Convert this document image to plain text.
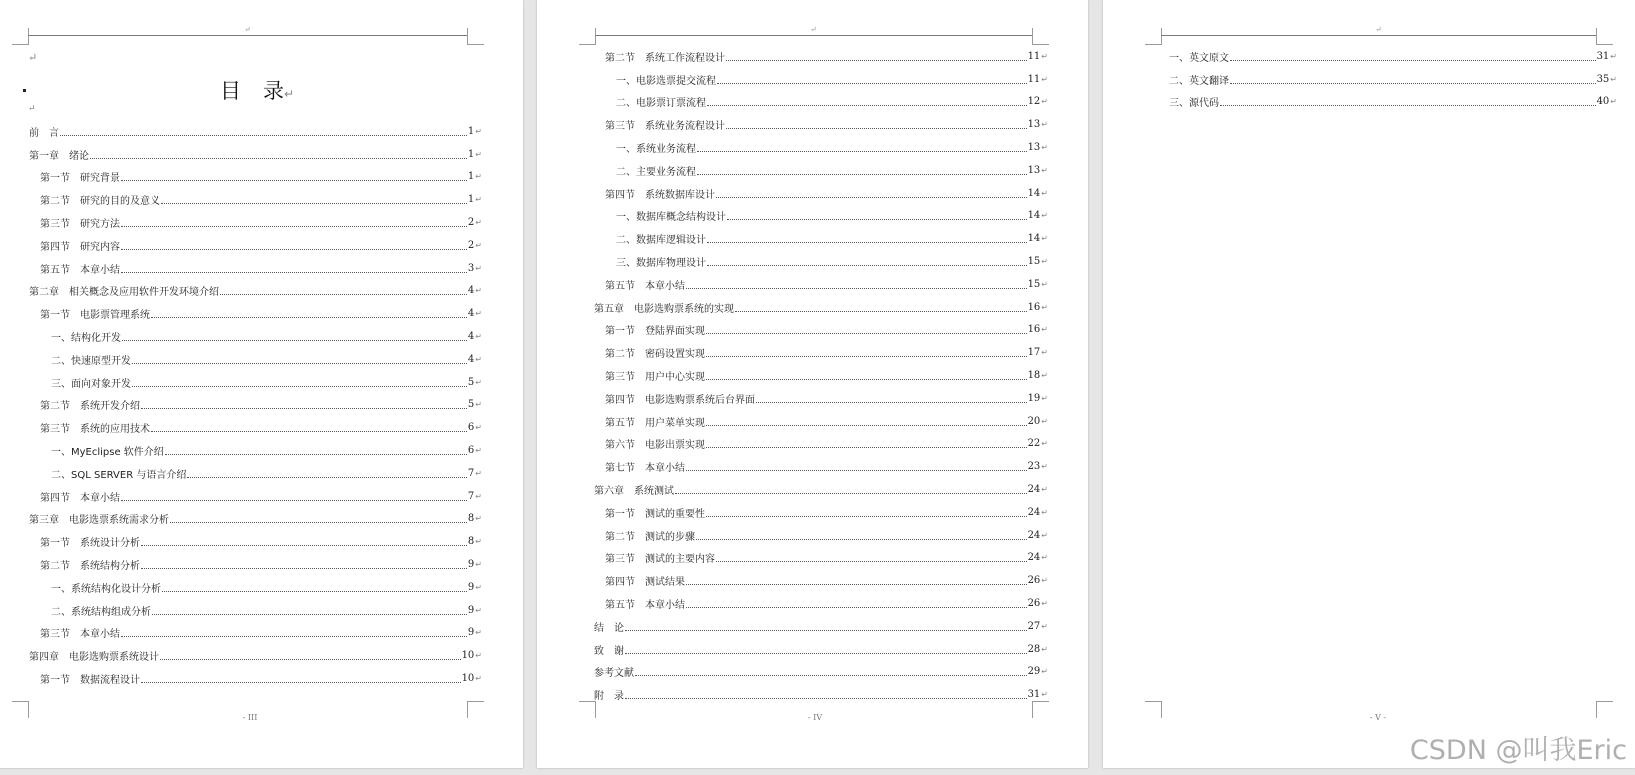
↵
↵
目 录↵
↵
前 言	1 ↵
第一章 绪论	1 ↵
第一节 研究背景	1 ↵
第二节 研究的目的及意义	1 ↵
第三节 研究方法	2 ↵
第四节 研究内容	2 ↵
第五节 本章小结	3 ↵
第二章 相关概念及应用软件开发环境介绍	4 ↵
第一节 电影票管理系统	4 ↵
一、结构化开发	4 ↵
二、快速原型开发	4 ↵
三、面向对象开发	5 ↵
第二节 系统开发介绍	5 ↵
第三节 系统的应用技术	6 ↵
一、MyEclipse 软件介绍	6 ↵
二、SQL SERVER 与语言介绍	7 ↵
第四节 本章小结	7 ↵
第三章 电影选票系统需求分析	8 ↵
第一节 系统设计分析	8 ↵
第二节 系统结构分析	9 ↵
一、系统结构化设计分析	9 ↵
二、系统结构组成分析	9 ↵
第三节 本章小结	9 ↵
第四章 电影选购票系统设计	10 ↵
第一节 数据流程设计	10 ↵
- III
↵
第二节 系统工作流程设计	11 ↵
一、电影选票提交流程	11 ↵
二、电影票订票流程	12 ↵
第三节 系统业务流程设计	13 ↵
一、系统业务流程	13 ↵
二、主要业务流程	13 ↵
第四节 系统数据库设计	14 ↵
一、数据库概念结构设计	14 ↵
二、数据库逻辑设计	14 ↵
三、数据库物理设计	15 ↵
第五节 本章小结	15 ↵
第五章 电影选购票系统的实现	16 ↵
第一节 登陆界面实现	16 ↵
第二节 密码设置实现	17 ↵
第三节 用户中心实现	18 ↵
第四节 电影选购票系统后台界面	19 ↵
第五节 用户菜单实现	20 ↵
第六节 电影出票实现	22 ↵
第七节 本章小结	23 ↵
第六章 系统测试	24 ↵
第一节 测试的重要性	24 ↵
第二节 测试的步骤	24 ↵
第三节 测试的主要内容	24 ↵
第四节 测试结果	26 ↵
第五节 本章小结	26 ↵
结 论	27 ↵
致 谢	28 ↵
参考文献	29 ↵
附 录	31 ↵
- IV
↵
一、英文原文	31 ↵
二、英文翻译	35 ↵
三、源代码	40 ↵
- V -
CSDN @叫我Eric
